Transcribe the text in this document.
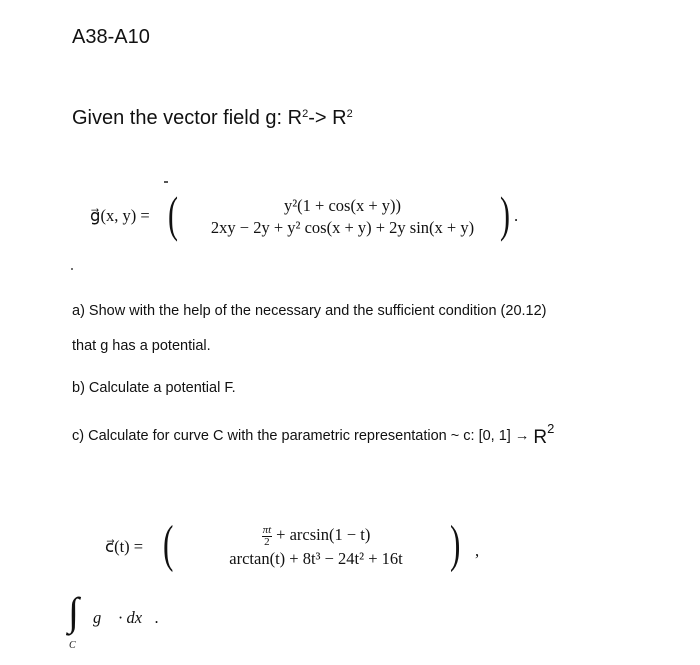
A38-A10
Given the vector field g: $R^2-> R^2$
g⃗(x, y) = (	y²(1 + cos(x + y))
2xy − 2y + y² cos(x + y) + 2y sin(x + y) ) .
a) Show with the help of the necessary and the sufficient condition (20.12)
that g has a potential.
b) Calculate a potential F.
c) Calculate for curve C with the parametric representation ~ c: [0, $1] \to R^2$
c⃗(t) = (	$\frac{\pi t}{2} + \arcsin(1 - t)$
arctan(t) + 8t³ − 24t² + 16t ) ,
∫
C
g⃗ · dx⃗.
